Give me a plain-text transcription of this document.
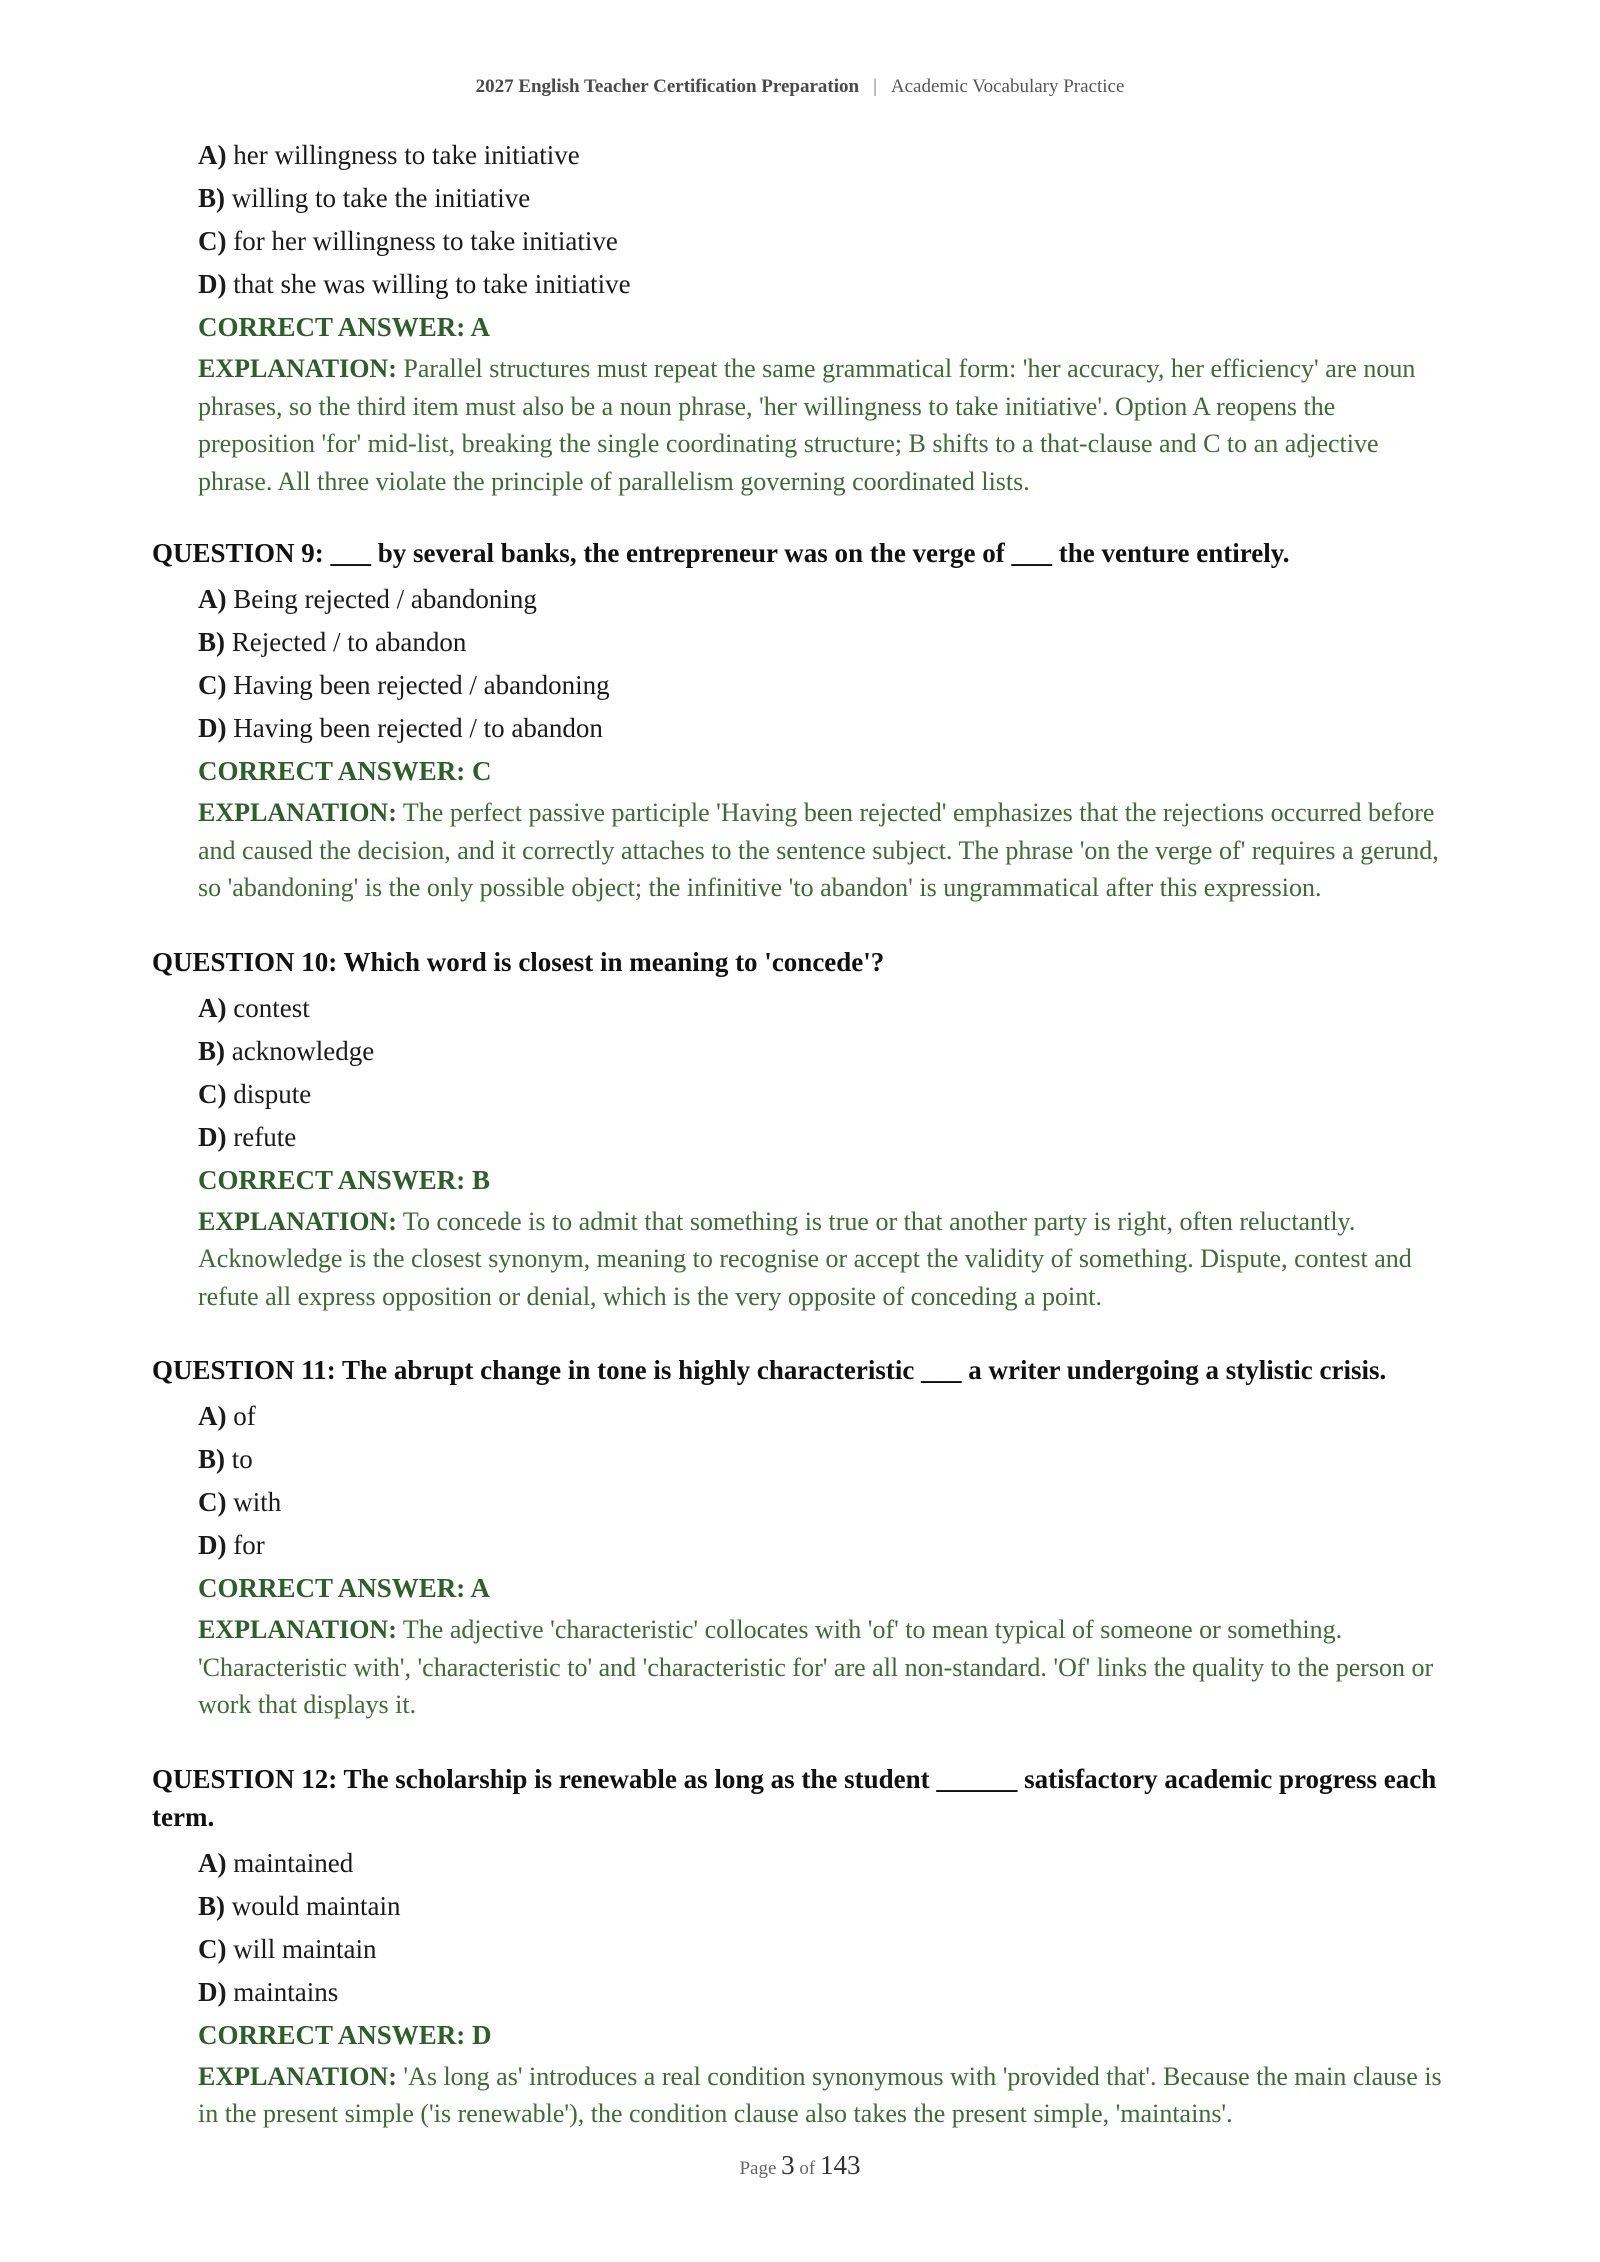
2027 English Teacher Certification Preparation | Academic Vocabulary Practice
A) her willingness to take initiative
B) willing to take the initiative
C) for her willingness to take initiative
D) that she was willing to take initiative
CORRECT ANSWER: A
EXPLANATION: Parallel structures must repeat the same grammatical form: 'her accuracy, her efficiency' are noun phrases, so the third item must also be a noun phrase, 'her willingness to take initiative'. Option A reopens the preposition 'for' mid-list, breaking the single coordinating structure; B shifts to a that-clause and C to an adjective phrase. All three violate the principle of parallelism governing coordinated lists.

QUESTION 9: ___ by several banks, the entrepreneur was on the verge of ___ the venture entirely.

A) Being rejected / abandoning
B) Rejected / to abandon
C) Having been rejected / abandoning
D) Having been rejected / to abandon
CORRECT ANSWER: C
EXPLANATION: The perfect passive participle 'Having been rejected' emphasizes that the rejections occurred before and caused the decision, and it correctly attaches to the sentence subject. The phrase 'on the verge of' requires a gerund, so 'abandoning' is the only possible object; the infinitive 'to abandon' is ungrammatical after this expression.

QUESTION 10: Which word is closest in meaning to 'concede'?

A) contest
B) acknowledge
C) dispute
D) refute
CORRECT ANSWER: B
EXPLANATION: To concede is to admit that something is true or that another party is right, often reluctantly. Acknowledge is the closest synonym, meaning to recognise or accept the validity of something. Dispute, contest and refute all express opposition or denial, which is the very opposite of conceding a point.

QUESTION 11: The abrupt change in tone is highly characteristic ___ a writer undergoing a stylistic crisis.

A) of
B) to
C) with
D) for
CORRECT ANSWER: A
EXPLANATION: The adjective 'characteristic' collocates with 'of' to mean typical of someone or something. 'Characteristic with', 'characteristic to' and 'characteristic for' are all non-standard. 'Of' links the quality to the person or work that displays it.

QUESTION 12: The scholarship is renewable as long as the student ______ satisfactory academic progress each term.

A) maintained
B) would maintain
C) will maintain
D) maintains
CORRECT ANSWER: D
EXPLANATION: 'As long as' introduces a real condition synonymous with 'provided that'. Because the main clause is in the present simple ('is renewable'), the condition clause also takes the present simple, 'maintains'.
Page 3 of 143
